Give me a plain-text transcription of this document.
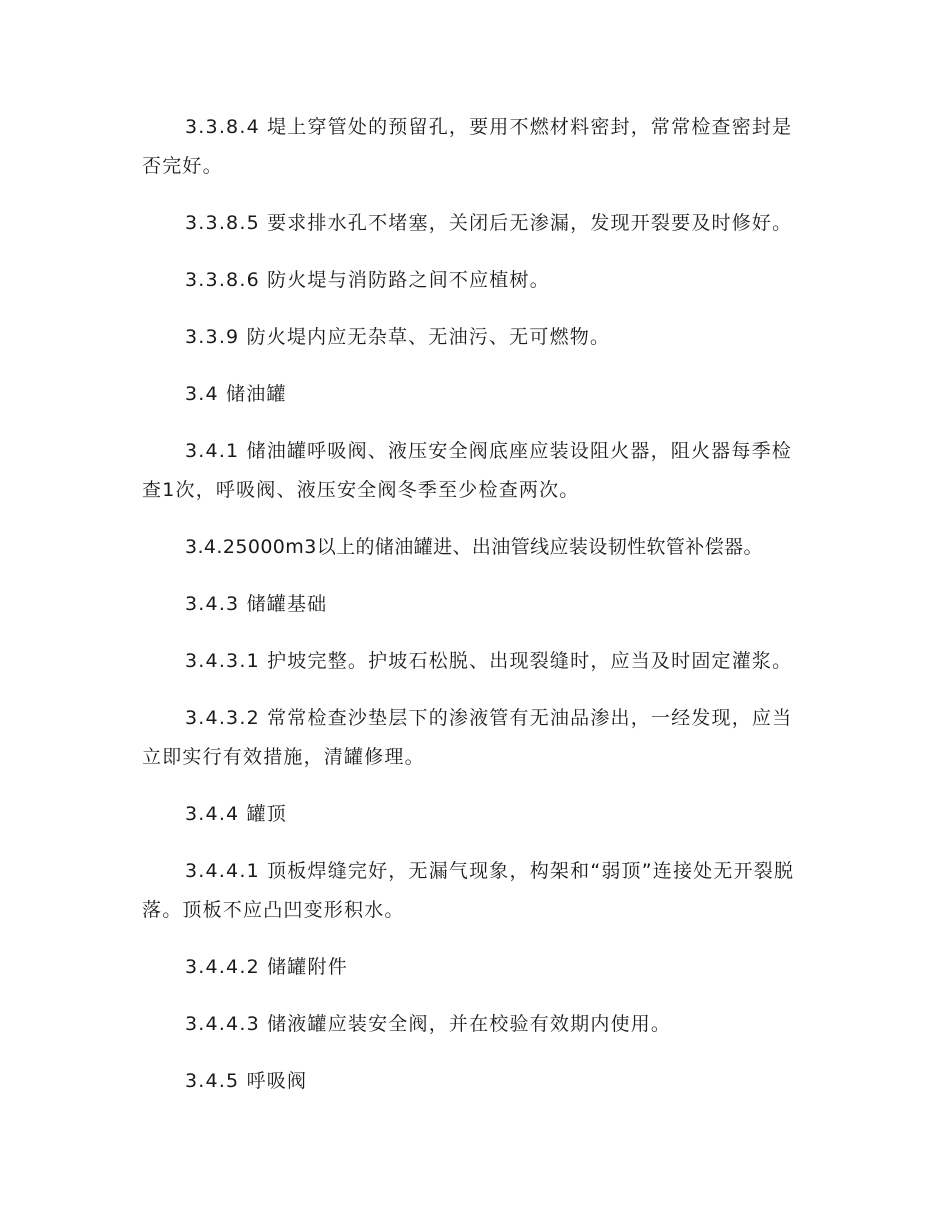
3.3.8.4 堤上穿管处的预留孔，要用不燃材料密封，常常检查密封是否完好。

3.3.8.5 要求排水孔不堵塞，关闭后无渗漏，发现开裂要及时修好。

3.3.8.6 防火堤与消防路之间不应植树。

3.3.9 防火堤内应无杂草、无油污、无可燃物。

3.4 储油罐

3.4.1 储油罐呼吸阀、液压安全阀底座应装设阻火器，阻火器每季检查1次，呼吸阀、液压安全阀冬季至少检查两次。

3.4.25000m3以上的储油罐进、出油管线应装设韧性软管补偿器。

3.4.3 储罐基础

3.4.3.1 护坡完整。护坡石松脱、出现裂缝时，应当及时固定灌浆。

3.4.3.2 常常检查沙垫层下的渗液管有无油品渗出，一经发现，应当立即实行有效措施，清罐修理。

3.4.4 罐顶

3.4.4.1 顶板焊缝完好，无漏气现象，构架和“弱顶”连接处无开裂脱落。顶板不应凸凹变形积水。

3.4.4.2 储罐附件

3.4.4.3 储液罐应装安全阀，并在校验有效期内使用。

3.4.5 呼吸阀
